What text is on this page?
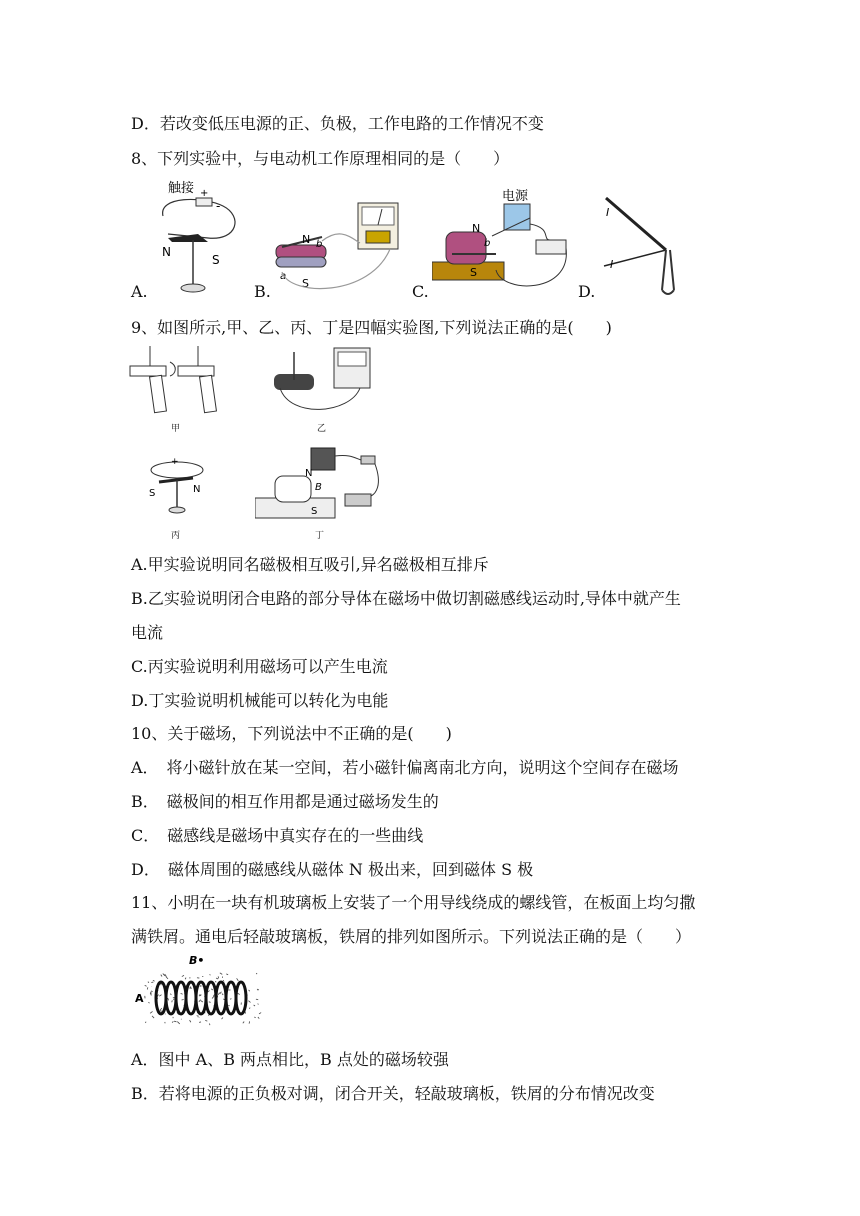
D．若改变低压电源的正、负极，工作电路的工作情况不变
8、下列实验中，与电动机工作原理相同的是（　　）
A.	B.	C.	D.
触接 +
-
N
S
N b
a
S
电源
N
b
S
I
I
9、如图所示,甲、乙、丙、丁是四幅实验图,下列说法正确的是(　　)
甲	乙
+
S	N
丙
N
B
S
丁
A.甲实验说明同名磁极相互吸引,异名磁极相互排斥
B.乙实验说明闭合电路的部分导体在磁场中做切割磁感线运动时,导体中就产生
电流
C.丙实验说明利用磁场可以产生电流
D.丁实验说明机械能可以转化为电能
10、关于磁场，下列说法中不正确的是(　　)
A．　将小磁针放在某一空间，若小磁针偏离南北方向，说明这个空间存在磁场
B．　磁极间的相互作用都是通过磁场发生的
C．　磁感线是磁场中真实存在的一些曲线
D．　磁体周围的磁感线从磁体 N 极出来，回到磁体 S 极
11、小明在一块有机玻璃板上安装了一个用导线绕成的螺线管，在板面上均匀撒
满铁屑。通电后轻敲玻璃板，铁屑的排列如图所示。下列说法正确的是（　　）
B•
A
A．图中 A、B 两点相比，B 点处的磁场较强
B．若将电源的正负极对调，闭合开关，轻敲玻璃板，铁屑的分布情况改变
